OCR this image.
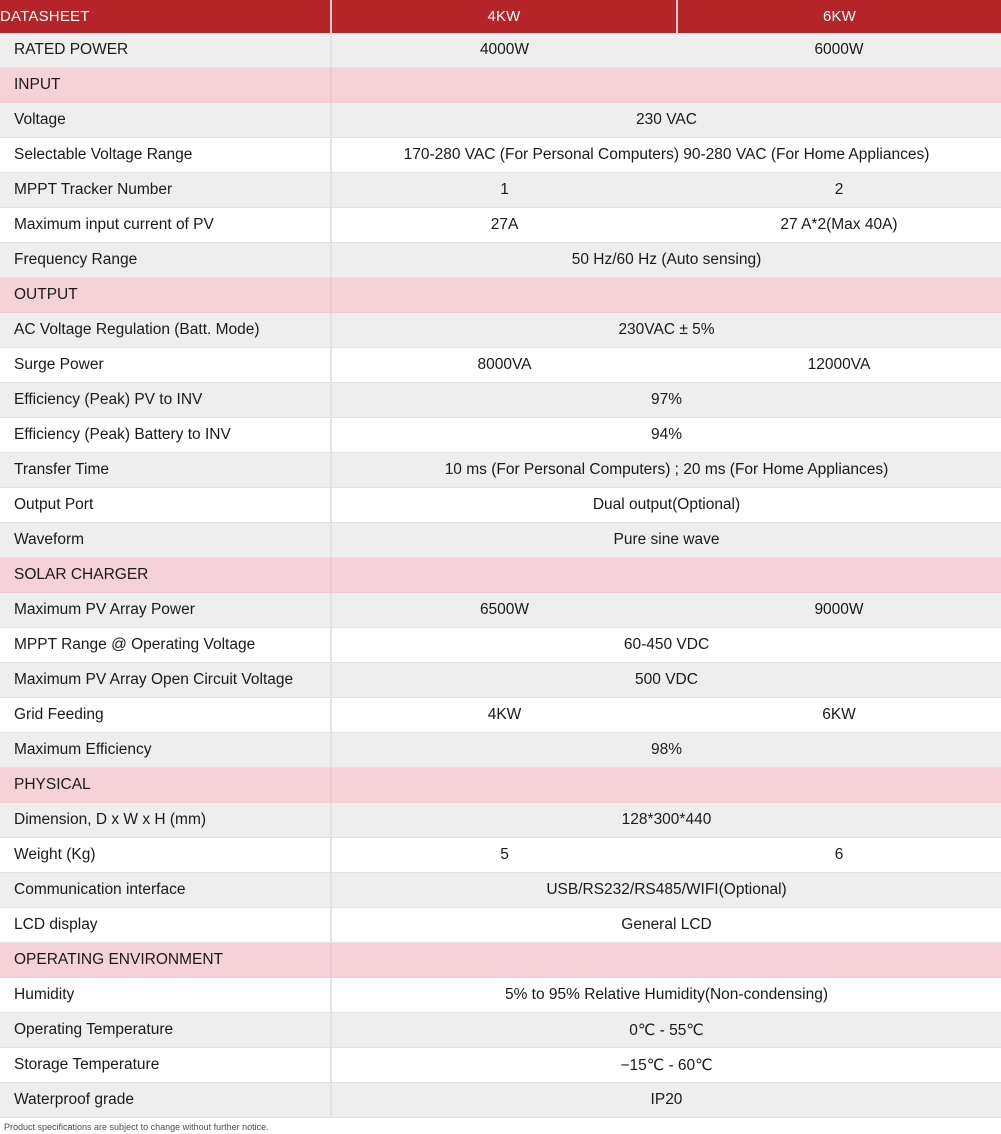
DATASHEET	4KW	6KW
RATED POWER	4000W	6000W
INPUT		
Voltage	230 VAC	
Selectable Voltage Range	170-280 VAC (For Personal Computers) 90-280 VAC (For Home Appliances)	
MPPT Tracker Number	1	2
Maximum input current of PV	27A	27 A*2(Max 40A)
Frequency Range	50 Hz/60 Hz (Auto sensing)	
OUTPUT		
AC Voltage Regulation (Batt. Mode)	230VAC ± 5%	
Surge Power	8000VA	12000VA
Efficiency (Peak) PV to INV	97%	
Efficiency (Peak) Battery to INV	94%	
Transfer Time	10 ms (For Personal Computers) ; 20 ms (For Home Appliances)	
Output Port	Dual output(Optional)	
Waveform	Pure sine wave	
SOLAR CHARGER		
Maximum PV Array Power	6500W	9000W
MPPT Range @ Operating Voltage	60-450 VDC	
Maximum PV Array Open Circuit Voltage	500 VDC	
Grid Feeding	4KW	6KW
Maximum Efficiency	98%	
PHYSICAL		
Dimension, D x W x H (mm)	128*300*440	
Weight (Kg)	5	6
Communication interface	USB/RS232/RS485/WIFI(Optional)	
LCD display	General LCD	
OPERATING ENVIRONMENT		
Humidity	5% to 95% Relative Humidity(Non-condensing)	
Operating Temperature	0℃ - 55℃	
Storage Temperature	−15℃ - 60℃	
Waterproof grade	IP20	
Product specifications are subject to change without further notice.
